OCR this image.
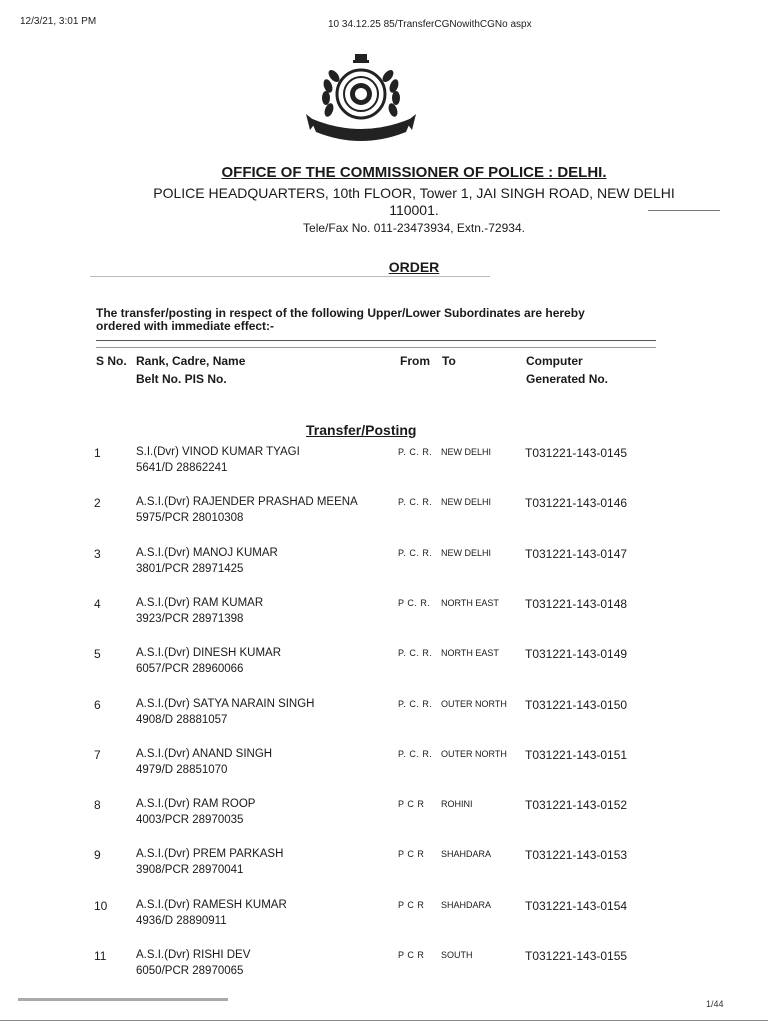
12/3/21, 3:01 PM	10 34.12.25 85/TransferCGNowithCGNo aspx
OFFICE OF THE COMMISSIONER OF POLICE : DELHI.
POLICE HEADQUARTERS, 10th FLOOR, Tower 1, JAI SINGH ROAD, NEW DELHI
110001.
Tele/Fax No. 011-23473934, Extn.-72934.
ORDER
The transfer/posting in respect of the following Upper/Lower Subordinates are hereby
ordered with immediate effect:-
S No. Rank, Cadre, Name
Belt No. PIS No.
From To	Computer
Generated No.
Transfer/Posting
1	S.I.(Dvr) VINOD KUMAR TYAGI
5641/D 28862241
P. C. R. NEW DELHI	T031221-143-0145
2	A.S.I.(Dvr) RAJENDER PRASHAD MEENA
5975/PCR 28010308
P. C. R. NEW DELHI	T031221-143-0146
3	A.S.I.(Dvr) MANOJ KUMAR
3801/PCR 28971425
P. C. R. NEW DELHI	T031221-143-0147
4	A.S.I.(Dvr) RAM KUMAR
3923/PCR 28971398
P C. R. NORTH EAST T031221-143-0148
5	A.S.I.(Dvr) DINESH KUMAR
6057/PCR 28960066
P. C. R. NORTH EAST T031221-143-0149
6	A.S.I.(Dvr) SATYA NARAIN SINGH
4908/D 28881057
P. C. R. OUTER NORTH T031221-143-0150
7	A.S.I.(Dvr) ANAND SINGH
4979/D 28851070
P. C. R. OUTER NORTH T031221-143-0151
8	A.S.I.(Dvr) RAM ROOP
4003/PCR 28970035
P C R ROHINI	T031221-143-0152
9	A.S.I.(Dvr) PREM PARKASH
3908/PCR 28970041
P C R SHAHDARA	T031221-143-0153
10 A.S.I.(Dvr) RAMESH KUMAR
4936/D 28890911
P C R SHAHDARA	T031221-143-0154
11	A.S.I.(Dvr) RISHI DEV
6050/PCR 28970065
P C R SOUTH	T031221-143-0155
1/44
